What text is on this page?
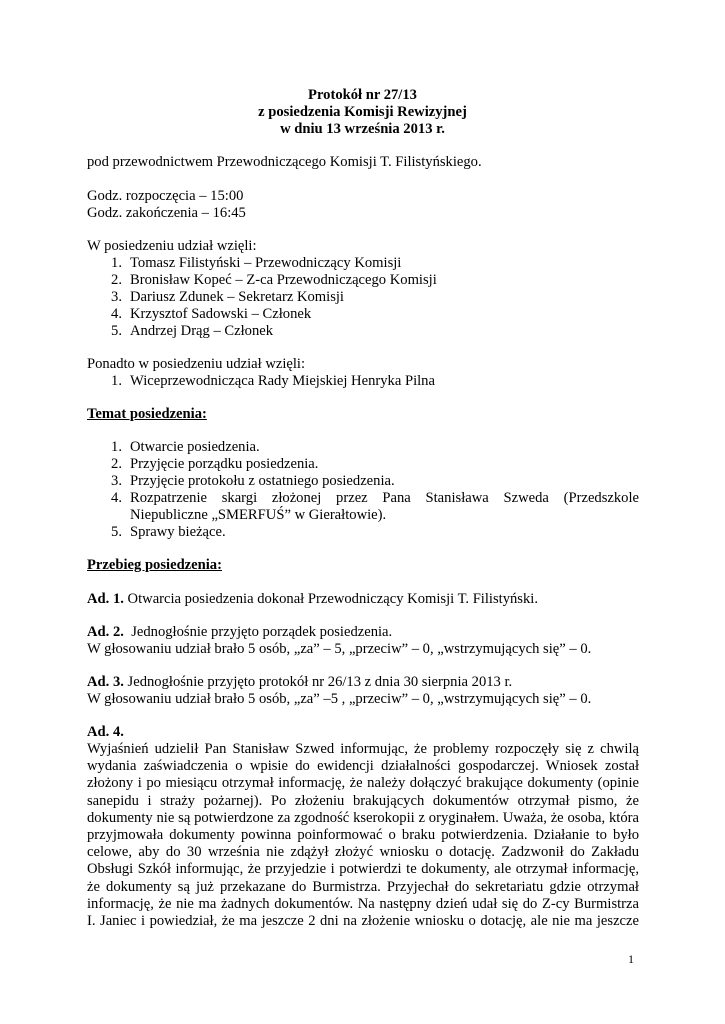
Protokół nr 27/13
z posiedzenia Komisji Rewizyjnej
w dniu 13 września 2013 r.
pod przewodnictwem Przewodniczącego Komisji T. Filistyńskiego.
Godz. rozpoczęcia – 15:00
Godz. zakończenia – 16:45
W posiedzeniu udział wzięli:
1. Tomasz Filistyński – Przewodniczący Komisji
2. Bronisław Kopeć – Z-ca Przewodniczącego Komisji
3. Dariusz Zdunek – Sekretarz Komisji
4. Krzysztof Sadowski – Członek
5. Andrzej Drąg – Członek
Ponadto w posiedzeniu udział wzięli:
1. Wiceprzewodnicząca Rady Miejskiej Henryka Pilna
Temat posiedzenia:
1. Otwarcie posiedzenia.
2. Przyjęcie porządku posiedzenia.
3. Przyjęcie protokołu z ostatniego posiedzenia.
4. Rozpatrzenie skargi złożonej przez Pana Stanisława Szweda (Przedszkole
Niepubliczne „SMERFUŚ” w Gierałtowie).
5. Sprawy bieżące.
Przebieg posiedzenia:
Ad. 1. Otwarcia posiedzenia dokonał Przewodniczący Komisji T. Filistyński.
Ad. 2.  Jednogłośnie przyjęto porządek posiedzenia.
W głosowaniu udział brało 5 osób, „za” – 5, „przeciw” – 0, „wstrzymujących się” – 0.
Ad. 3. Jednogłośnie przyjęto protokół nr 26/13 z dnia 30 sierpnia 2013 r.
W głosowaniu udział brało 5 osób, „za” –5 , „przeciw” – 0, „wstrzymujących się” – 0.
Ad. 4.
Wyjaśnień udzielił Pan Stanisław Szwed informując, że problemy rozpoczęły się z chwilą
wydania zaświadczenia o wpisie do ewidencji działalności gospodarczej. Wniosek został
złożony i po miesiącu otrzymał informację, że należy dołączyć brakujące dokumenty (opinie
sanepidu i straży pożarnej). Po złożeniu brakujących dokumentów otrzymał pismo, że
dokumenty nie są potwierdzone za zgodność kserokopii z oryginałem. Uważa, że osoba, która
przyjmowała dokumenty powinna poinformować o braku potwierdzenia. Działanie to było
celowe, aby do 30 września nie zdążył złożyć wniosku o dotację. Zadzwonił do Zakładu
Obsługi Szkół informując, że przyjedzie i potwierdzi te dokumenty, ale otrzymał informację,
że dokumenty są już przekazane do Burmistrza. Przyjechał do sekretariatu gdzie otrzymał
informację, że nie ma żadnych dokumentów. Na następny dzień udał się do Z-cy Burmistrza
I. Janiec i powiedział, że ma jeszcze 2 dni na złożenie wniosku o dotację, ale nie ma jeszcze
1
